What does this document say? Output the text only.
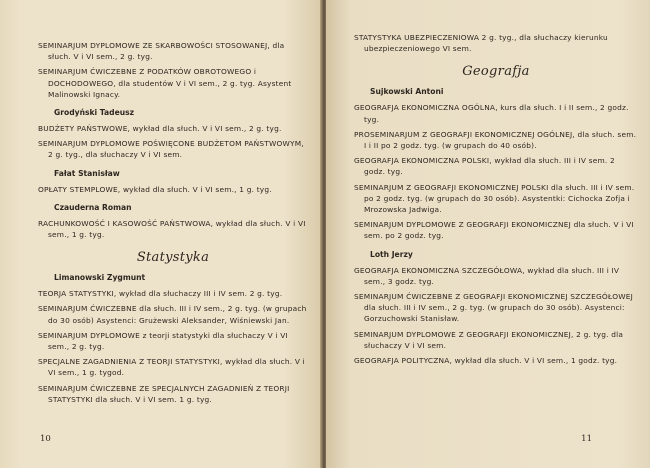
SEMINARJUM DYPLOMOWE ZE SKARBOWOŚCI STOSOWANEJ, dla słuch. V i VI sem., 2 g. tyg.
SEMINARJUM ĆWICZEBNE Z PODATKÓW OBROTOWEGO i DOCHODOWEGO, dla studentów V i VI sem., 2 g. tyg. Asystent Malinowski Ignacy.
Grodyński Tadeusz
BUDŻETY PAŃSTWOWE, wykład dla słuch. V i VI sem., 2 g. tyg.
SEMINARJUM DYPLOMOWE POŚWIĘCONE BUDŻETOM PAŃSTWOWYM, 2 g. tyg., dla słuchaczy V i VI sem.
Fałat Stanisław
OPŁATY STEMPLOWE, wykład dla słuch. V i VI sem., 1 g. tyg.
Czauderna Roman
RACHUNKOWOŚĆ I KASOWOŚĆ PAŃSTWOWA, wykład dla słuch. V i VI sem., 1 g. tyg.
Statystyka
Limanowski Zygmunt
TEORJA STATYSTYKI, wykład dla słuchaczy III i IV sem. 2 g. tyg.
SEMINARJUM ĆWICZEBNE dla słuch. III i IV sem., 2 g. tyg. (w grupach do 30 osób) Asystenci: Grużewski Aleksander, Wiśniewski Jan.
SEMINARJUM DYPLOMOWE z teorji statystyki dla słuchaczy V i VI sem., 2 g. tyg.
SPECJALNE ZAGADNIENIA Z TEORJI STATYSTYKI, wykład dla słuch. V i VI sem., 1 g. tygod.
SEMINARJUM ĆWICZEBNE ZE SPECJALNYCH ZAGADNIEŃ Z TEORJI STATYSTYKI dla słuch. V i VI sem. 1 g. tyg.
10
STATYSTYKA UBEZPIECZENIOWA 2 g. tyg., dla słuchaczy kierunku ubezpieczeniowego VI sem.
Geografja
Sujkowski Antoni
GEOGRAFJA EKONOMICZNA OGÓLNA, kurs dla słuch. I i II sem., 2 godz. tyg.
PROSEMINARJUM Z GEOGRAFJI EKONOMICZNEJ OGÓLNEJ, dla słuch. sem. I i II po 2 godz. tyg. (w grupach do 40 osób).
GEOGRAFJA EKONOMICZNA POLSKI, wykład dla słuch. III i IV sem. 2 godz. tyg.
SEMINARJUM Z GEOGRAFJI EKONOMICZNEJ POLSKI dla słuch. III i IV sem. po 2 godz. tyg. (w grupach do 30 osób). Asystentki: Cichocka Zofja i Mrozowska Jadwiga.
SEMINARJUM DYPLOMOWE Z GEOGRAFJI EKONOMICZNEJ dla słuch. V i VI sem. po 2 godz. tyg.
Loth Jerzy
GEOGRAFJA EKONOMICZNA SZCZEGÓŁOWA, wykład dla słuch. III i IV sem., 3 godz. tyg.
SEMINARJUM ĆWICZEBNE Z GEOGRAFJI EKONOMICZNEJ SZCZEGÓŁOWEJ dla słuch. III i IV sem., 2 g. tyg. (w grupach do 30 osób). Asystenci: Gorzuchowski Stanisław.
SEMINARJUM DYPLOMOWE Z GEOGRAFJI EKONOMICZNEJ, 2 g. tyg. dla słuchaczy V i VI sem.
GEOGRAFJA POLITYCZNA, wykład dla słuch. V i VI sem., 1 godz. tyg.
11
